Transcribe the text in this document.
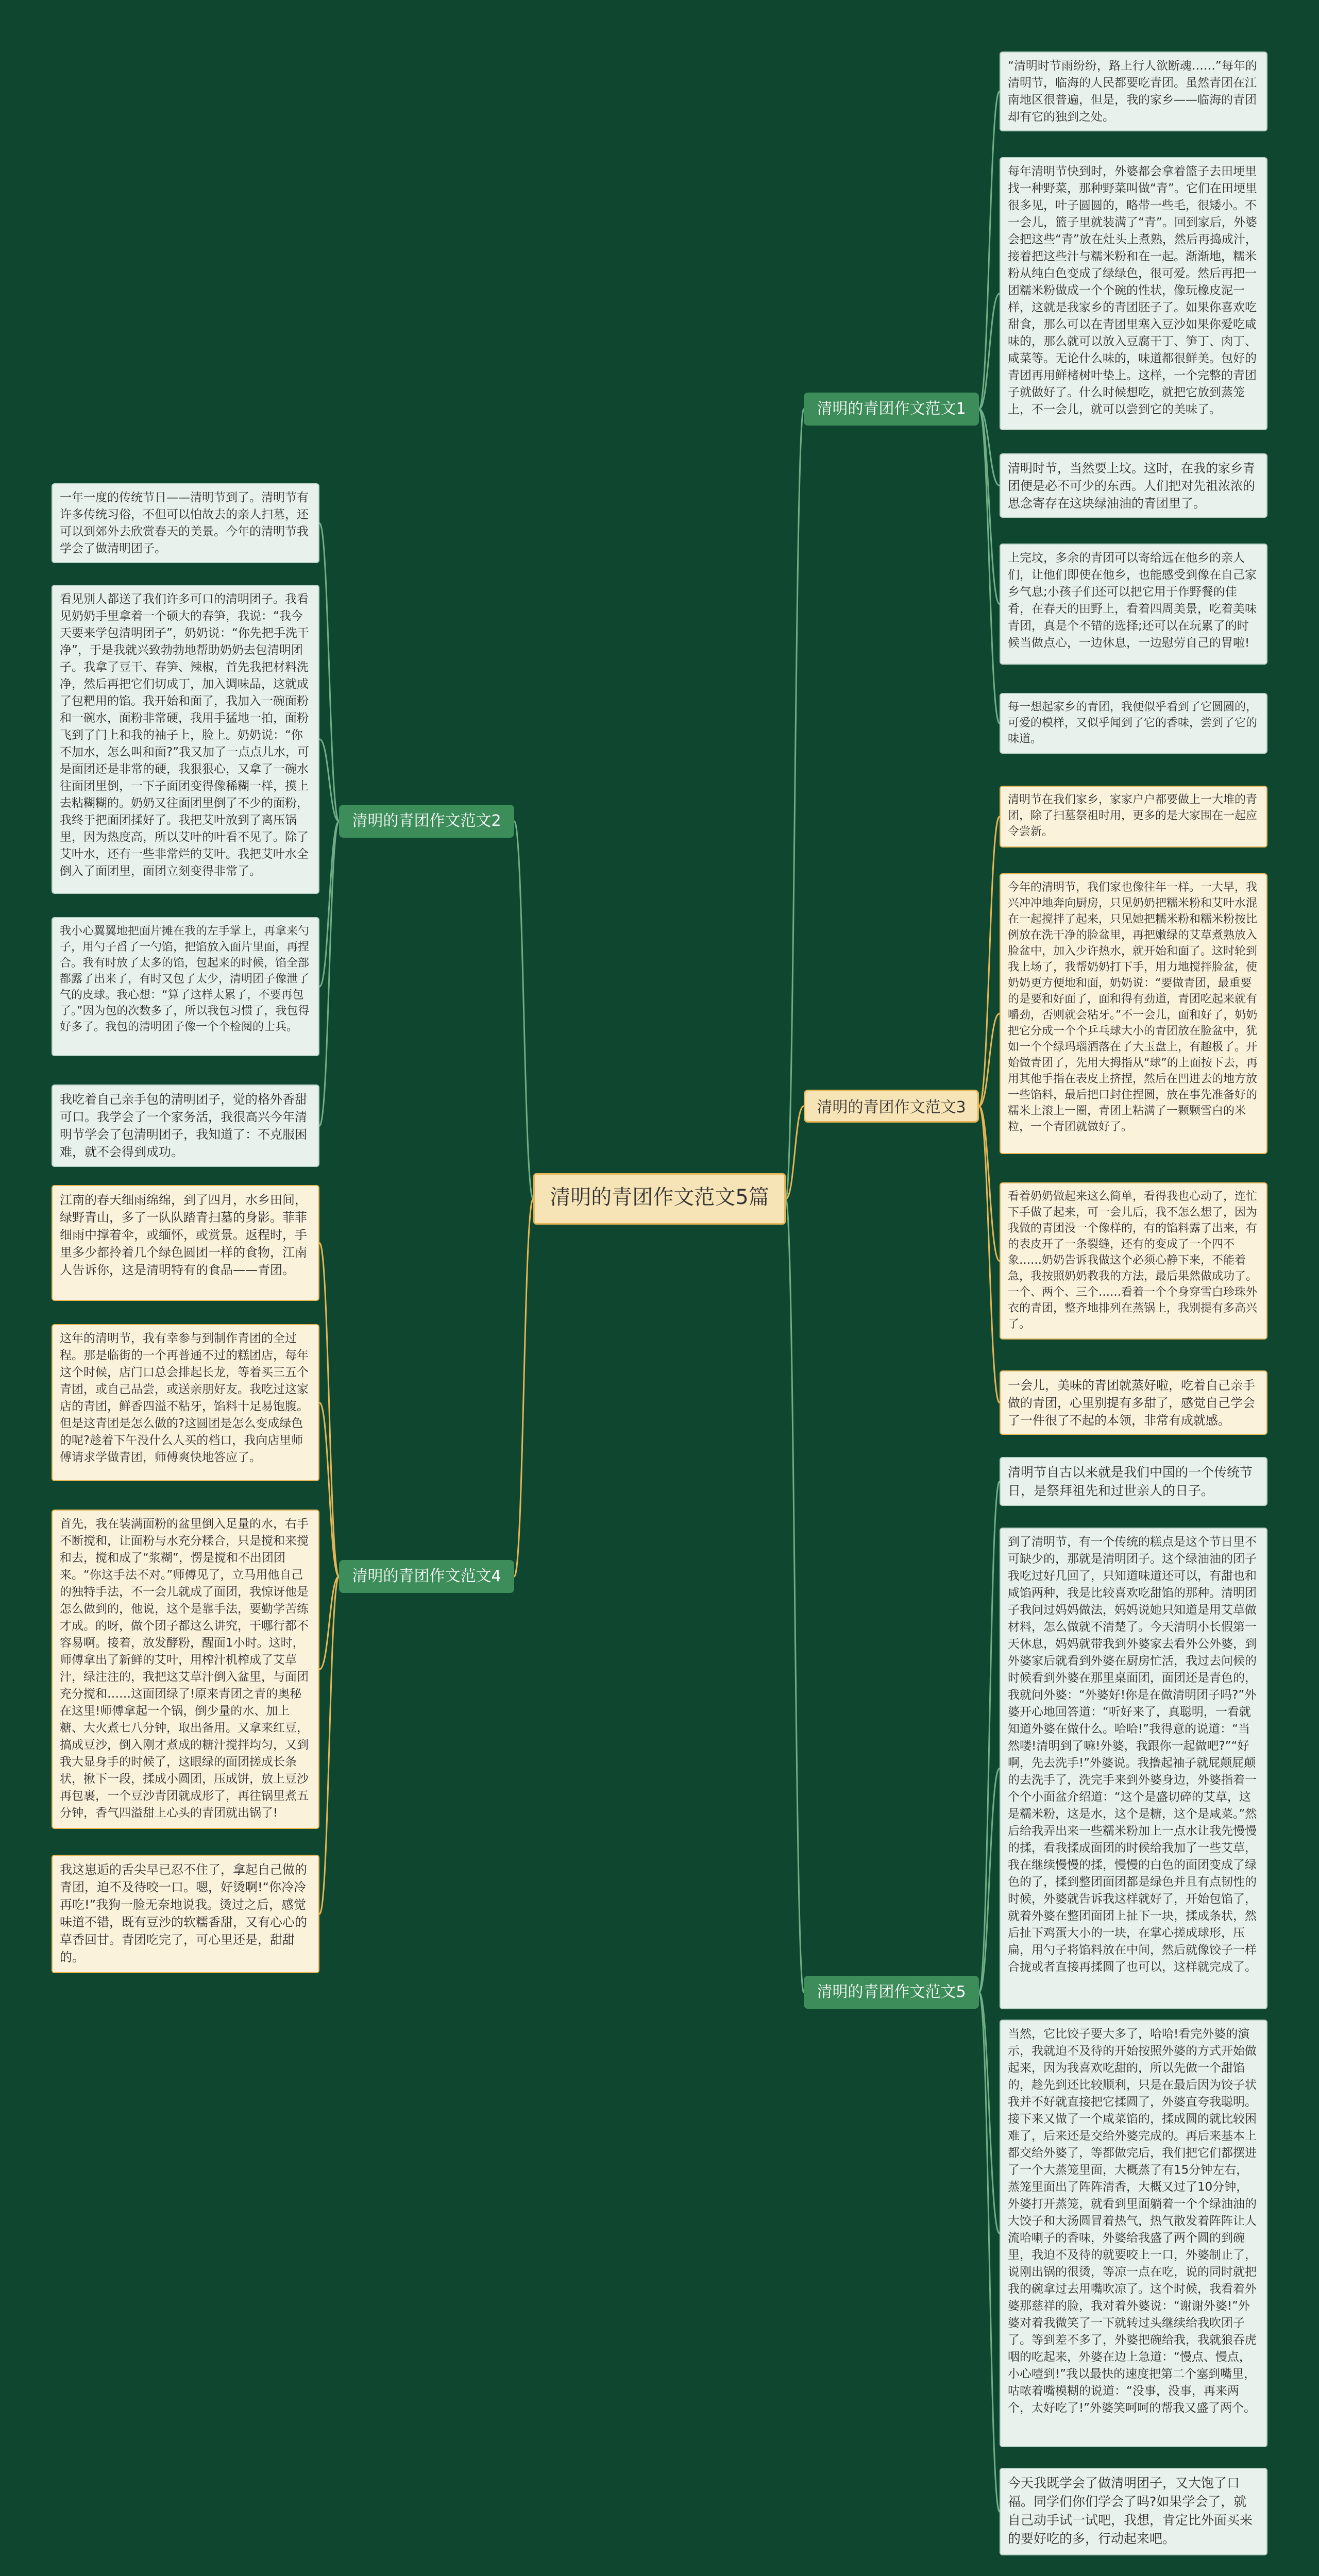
清明的青团作文范文5篇
清明的青团作文范文1
清明的青团作文范文2
清明的青团作文范文3
清明的青团作文范文4
清明的青团作文范文5

“清明时节雨纷纷，路上行人欲断魂……”每年的清明节，临海的人民都要吃青团。虽然青团在江南地区很普遍，但是，我的家乡——临海的青团却有它的独到之处。

每年清明节快到时，外婆都会拿着篮子去田埂里找一种野菜，那种野菜叫做“青”。它们在田埂里很多见，叶子圆圆的，略带一些毛，很矮小。不一会儿，篮子里就装满了“青”。回到家后，外婆会把这些“青”放在灶头上煮熟，然后再捣成汁，接着把这些汁与糯米粉和在一起。渐渐地，糯米粉从纯白色变成了绿绿色，很可爱。然后再把一团糯米粉做成一个个碗的性状，像玩橡皮泥一样，这就是我家乡的青团胚子了。如果你喜欢吃甜食，那么可以在青团里塞入豆沙如果你爱吃咸味的，那么就可以放入豆腐干丁、笋丁、肉丁、咸菜等。无论什么味的，味道都很鲜美。包好的青团再用鲜楮树叶垫上。这样，一个完整的青团子就做好了。什么时候想吃，就把它放到蒸笼上，不一会儿，就可以尝到它的美味了。

清明时节，当然要上坟。这时，在我的家乡青团便是必不可少的东西。人们把对先祖浓浓的思念寄存在这块绿油油的青团里了。

上完坟，多余的青团可以寄给远在他乡的亲人们，让他们即使在他乡，也能感受到像在自己家乡气息;小孩子们还可以把它用于作野餐的佳肴，在春天的田野上，看着四周美景，吃着美味青团，真是个不错的选择;还可以在玩累了的时候当做点心，一边休息，一边慰劳自己的胃啦!

每一想起家乡的青团，我便似乎看到了它圆圆的，可爱的模样，又似乎闻到了它的香味，尝到了它的味道。

一年一度的传统节日——清明节到了。清明节有许多传统习俗，不但可以怕故去的亲人扫墓，还可以到郊外去欣赏春天的美景。今年的清明节我学会了做清明团子。

看见别人都送了我们许多可口的清明团子。我看见奶奶手里拿着一个硕大的春笋，我说：“我今天要来学包清明团子”，奶奶说：“你先把手洗干净”，于是我就兴致勃勃地帮助奶奶去包清明团子。我拿了豆干、春笋、辣椒，首先我把材料洗净，然后再把它们切成丁，加入调味品，这就成了包粑用的馅。我开始和面了，我加入一碗面粉和一碗水，面粉非常硬，我用手猛地一拍，面粉飞到了门上和我的袖子上，脸上。奶奶说：“你不加水，怎么叫和面?”我又加了一点点儿水，可是面团还是非常的硬，我狠狠心，又拿了一碗水往面团里倒，一下子面团变得像稀糊一样，摸上去粘糊糊的。奶奶又往面团里倒了不少的面粉，我终于把面团揉好了。我把艾叶放到了离压锅里，因为热度高，所以艾叶的叶看不见了。除了艾叶水，还有一些非常烂的艾叶。我把艾叶水全倒入了面团里，面团立刻变得非常了。

我小心翼翼地把面片摊在我的左手掌上，再拿来勺子，用勺子舀了一勺馅，把馅放入面片里面，再捏合。我有时放了太多的馅，包起来的时候，馅全部都露了出来了，有时又包了太少，清明团子像泄了气的皮球。我心想：“算了这样太累了，不要再包了。”因为包的次数多了，所以我包习惯了，我包得好多了。我包的清明团子像一个个检阅的士兵。

我吃着自己亲手包的清明团子，觉的格外香甜可口。我学会了一个家务活，我很高兴今年清明节学会了包清明团子，我知道了：不克服困难，就不会得到成功。

清明节在我们家乡，家家户户都要做上一大堆的青团，除了扫墓祭祖时用，更多的是大家围在一起应令尝新。

今年的清明节，我们家也像往年一样。一大早，我兴冲冲地奔向厨房，只见奶奶把糯米粉和艾叶水混在一起搅拌了起来，只见她把糯米粉和糯米粉按比例放在洗干净的脸盆里，再把嫩绿的艾草煮熟放入脸盆中，加入少许热水，就开始和面了。这时轮到我上场了，我帮奶奶打下手，用力地搅拌脸盆，使奶奶更方便地和面，奶奶说：“要做青团，最重要的是要和好面了，面和得有劲道，青团吃起来就有嚼劲，否则就会粘牙。”不一会儿，面和好了，奶奶把它分成一个个乒乓球大小的青团放在脸盆中，犹如一个个绿玛瑙洒落在了大玉盘上，有趣极了。开始做青团了，先用大拇指从“球”的上面按下去，再用其他手指在表皮上挤捏，然后在凹进去的地方放一些馅料，最后把口封住捏圆，放在事先准备好的糯米上滚上一圈，青团上粘满了一颗颗雪白的米粒，一个青团就做好了。

看着奶奶做起来这么简单，看得我也心动了，连忙下手做了起来，可一会儿后，我不怎么想了，因为我做的青团没一个像样的，有的馅料露了出来，有的表皮开了一条裂缝，还有的变成了一个四不象……奶奶告诉我做这个必须心静下来，不能着急，我按照奶奶教我的方法，最后果然做成功了。一个、两个、三个……看着一个个身穿雪白珍珠外衣的青团，整齐地排列在蒸锅上，我别提有多高兴了。

一会儿，美味的青团就蒸好啦，吃着自己亲手做的青团，心里别提有多甜了，感觉自己学会了一件很了不起的本领，非常有成就感。

江南的春天细雨绵绵，到了四月，水乡田间，绿野青山，多了一队队踏青扫墓的身影。菲菲细雨中撑着伞，或缅怀，或赏景。返程时，手里多少都拎着几个绿色圆团一样的食物，江南人告诉你，这是清明特有的食品——青团。

这年的清明节，我有幸参与到制作青团的全过程。那是临街的一个再普通不过的糕团店，每年这个时候，店门口总会排起长龙，等着买三五个青团，或自己品尝，或送亲朋好友。我吃过这家店的青团，鲜香四溢不粘牙，馅料十足易饱腹。但是这青团是怎么做的?这圆团是怎么变成绿色的呢?趁着下午没什么人买的档口，我向店里师傅请求学做青团，师傅爽快地答应了。

首先，我在装满面粉的盆里倒入足量的水，右手不断搅和，让面粉与水充分糅合，只是搅和来搅和去，搅和成了“浆糊”，愣是搅和不出团团来。“你这手法不对。”师傅见了，立马用他自己的独特手法，不一会儿就成了面团，我惊讶他是怎么做到的，他说，这个是靠手法，要勤学苦练才成。的呀，做个团子都这么讲究，干哪行都不容易啊。接着，放发酵粉，醒面1小时。这时，师傅拿出了新鲜的艾叶，用榨汁机榨成了艾草汁，绿注注的，我把这艾草汁倒入盆里，与面团充分搅和……这面团绿了!原来青团之青的奥秘在这里!师傅拿起一个锅，倒少量的水、加上糖、大火煮七八分钟，取出备用。又拿来红豆，搞成豆沙，倒入刚才煮成的糖汁搅拌均匀，又到我大显身手的时候了，这眼绿的面团搓成长条状，揪下一段，揉成小圆团，压成饼，放上豆沙再包裹，一个豆沙青团就成形了，再往锅里煮五分钟，香气四溢甜上心头的青团就出锅了!

我这崽逅的舌尖早已忍不住了，拿起自己做的青团，迫不及待咬一口。嗯，好烫啊!“你冷冷再吃!”我狗一脸无奈地说我。烫过之后，感觉味道不错，既有豆沙的软糯香甜，又有心心的草香回甘。青团吃完了，可心里还是，甜甜的。

清明节自古以来就是我们中国的一个传统节日，是祭拜祖先和过世亲人的日子。

到了清明节，有一个传统的糕点是这个节日里不可缺少的，那就是清明团子。这个绿油油的团子我吃过好几回了，只知道味道还可以，有甜也和咸馅两种，我是比较喜欢吃甜馅的那种。清明团子我问过妈妈做法，妈妈说她只知道是用艾草做材料，怎么做就不清楚了。今天清明小长假第一天休息，妈妈就带我到外婆家去看外公外婆，到外婆家后就看到外婆在厨房忙活，我过去问候的时候看到外婆在那里桌面团，面团还是青色的，我就问外婆：“外婆好!你是在做清明团子吗?”外婆开心地回答道：“听好来了，真聪明，一看就知道外婆在做什么。哈哈!”我得意的说道：“当然喽!清明到了嘛!外婆，我跟你一起做吧?”“好啊，先去洗手!”外婆说。我撸起袖子就屁颠屁颠的去洗手了，洗完手来到外婆身边，外婆指着一个个小面盆介绍道：“这个是盛切碎的艾草，这是糯米粉，这是水，这个是糖，这个是咸菜。”然后给我弄出来一些糯米粉加上一点水让我先慢慢的揉，看我揉成面团的时候给我加了一些艾草，我在继续慢慢的揉，慢慢的白色的面团变成了绿色的了，揉到整团面团都是绿色并且有点韧性的时候，外婆就告诉我这样就好了，开始包馅了，就着外婆在整团面团上扯下一块，揉成条状，然后扯下鸡蛋大小的一块，在掌心搓成球形，压扁，用勺子将馅料放在中间，然后就像饺子一样合拢或者直接再揉圆了也可以，这样就完成了。

当然，它比饺子要大多了，哈哈!看完外婆的演示，我就迫不及待的开始按照外婆的方式开始做起来，因为我喜欢吃甜的，所以先做一个甜馅的，趁先到还比较顺利，只是在最后因为饺子状我并不好就直接把它揉圆了，外婆直夸我聪明。接下来又做了一个咸菜馅的，揉成圆的就比较困难了，后来还是交给外婆完成的。再后来基本上都交给外婆了，等都做完后，我们把它们都摆进了一个大蒸笼里面，大概蒸了有15分钟左右，蒸笼里面出了阵阵清香，大概又过了10分钟，外婆打开蒸笼，就看到里面躺着一个个绿油油的大饺子和大汤圆冒着热气，热气散发着阵阵让人流哈喇子的香味，外婆给我盛了两个圆的到碗里，我迫不及待的就要咬上一口，外婆制止了，说刚出锅的很烫，等凉一点在吃，说的同时就把我的碗拿过去用嘴吹凉了。这个时候，我看着外婆那慈祥的脸，我对着外婆说：“谢谢外婆!”外婆对着我微笑了一下就转过头继续给我吹团子了。等到差不多了，外婆把碗给我，我就狼吞虎咽的吃起来，外婆在边上急道：“慢点、慢点，小心噎到!”我以最快的速度把第二个塞到嘴里，咕哝着嘴模糊的说道：“没事，没事，再来两个，太好吃了!”外婆笑呵呵的帮我又盛了两个。

今天我既学会了做清明团子，又大饱了口福。同学们你们学会了吗?如果学会了，就自己动手试一试吧，我想，肯定比外面买来的要好吃的多，行动起来吧。
